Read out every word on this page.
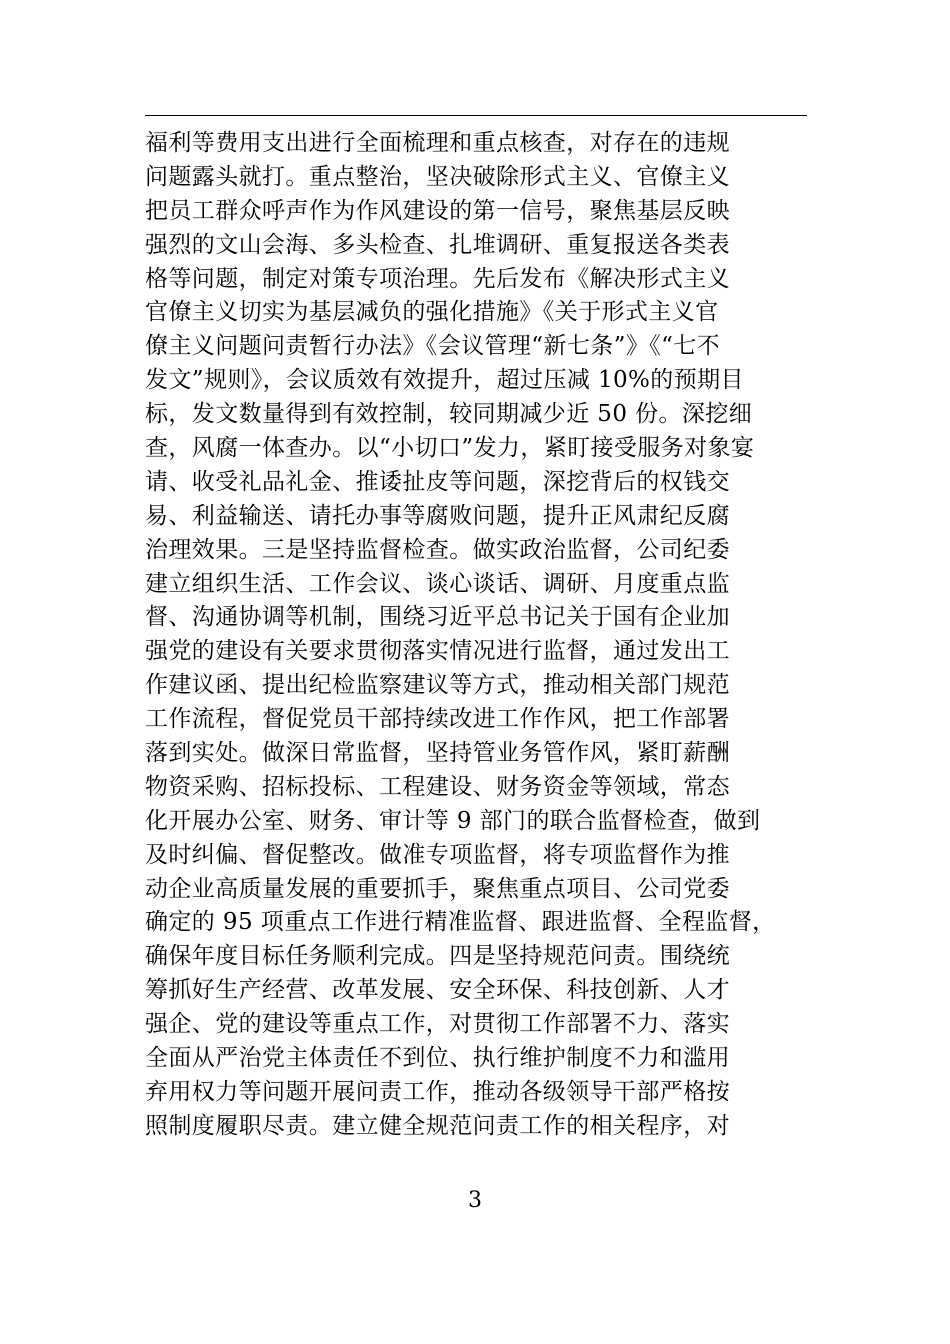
福利等费用支出进行全面梳理和重点核查，对存在的违规
问题露头就打。重点整治，坚决破除形式主义、官僚主义
把员工群众呼声作为作风建设的第一信号，聚焦基层反映
强烈的文山会海、多头检查、扎堆调研、重复报送各类表
格等问题，制定对策专项治理。先后发布《解决形式主义
官僚主义切实为基层减负的强化措施》《关于形式主义官
僚主义问题问责暂行办法》《会议管理“新七条”》《“七不
发文”规则》，会议质效有效提升，超过压减 10%的预期目
标，发文数量得到有效控制，较同期减少近 50 份。深挖细
查，风腐一体查办。以“小切口”发力，紧盯接受服务对象宴
请、收受礼品礼金、推诿扯皮等问题，深挖背后的权钱交
易、利益输送、请托办事等腐败问题，提升正风肃纪反腐
治理效果。三是坚持监督检查。做实政治监督，公司纪委
建立组织生活、工作会议、谈心谈话、调研、月度重点监
督、沟通协调等机制，围绕习近平总书记关于国有企业加
强党的建设有关要求贯彻落实情况进行监督，通过发出工
作建议函、提出纪检监察建议等方式，推动相关部门规范
工作流程，督促党员干部持续改进工作作风，把工作部署
落到实处。做深日常监督，坚持管业务管作风，紧盯薪酬
物资采购、招标投标、工程建设、财务资金等领域，常态
化开展办公室、财务、审计等 9 部门的联合监督检查，做到
及时纠偏、督促整改。做准专项监督，将专项监督作为推
动企业高质量发展的重要抓手，聚焦重点项目、公司党委
确定的 95 项重点工作进行精准监督、跟进监督、全程监督，
确保年度目标任务顺利完成。四是坚持规范问责。围绕统
筹抓好生产经营、改革发展、安全环保、科技创新、人才
强企、党的建设等重点工作，对贯彻工作部署不力、落实
全面从严治党主体责任不到位、执行维护制度不力和滥用
弃用权力等问题开展问责工作，推动各级领导干部严格按
照制度履职尽责。建立健全规范问责工作的相关程序，对
3
